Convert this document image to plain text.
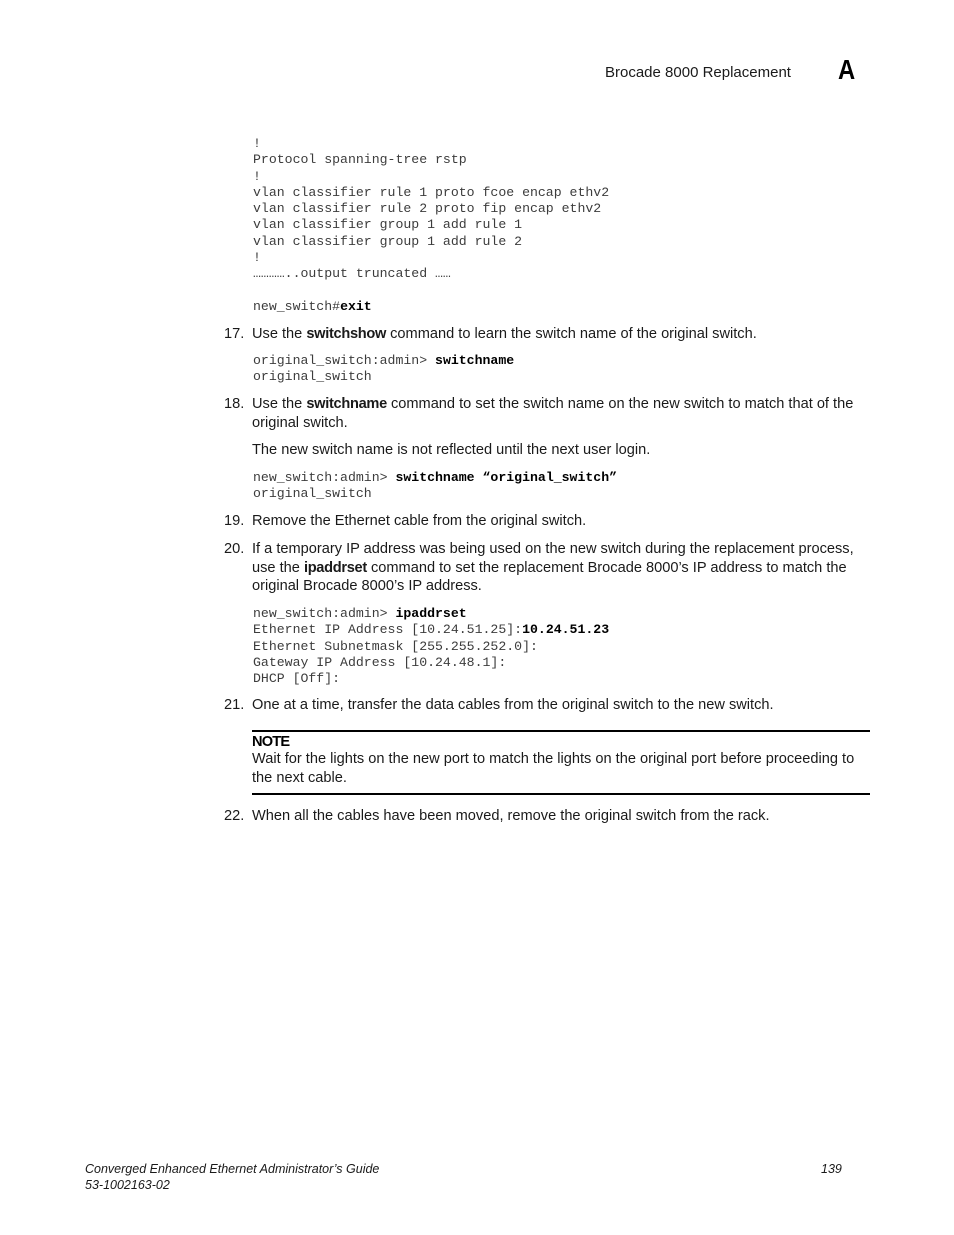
Brocade 8000 Replacement A
!
Protocol spanning-tree rstp
!
vlan classifier rule 1 proto fcoe encap ethv2
vlan classifier rule 2 proto fip encap ethv2
vlan classifier group 1 add rule 1
vlan classifier group 1 add rule 2
!
…………..output truncated ……
new_switch#exit
17. Use the switchshow command to learn the switch name of the original switch.
original_switch:admin> switchname
original_switch
18. Use the switchname command to set the switch name on the new switch to match that of the original switch.
The new switch name is not reflected until the next user login.
new_switch:admin> switchname “original_switch”
original_switch
19. Remove the Ethernet cable from the original switch.
20. If a temporary IP address was being used on the new switch during the replacement process, use the ipaddrset command to set the replacement Brocade 8000’s IP address to match the original Brocade 8000’s IP address.
new_switch:admin> ipaddrset
Ethernet IP Address [10.24.51.25]:10.24.51.23
Ethernet Subnetmask [255.255.252.0]:
Gateway IP Address [10.24.48.1]:
DHCP [Off]:
21. One at a time, transfer the data cables from the original switch to the new switch.
NOTE
Wait for the lights on the new port to match the lights on the original port before proceeding to the next cable.
22. When all the cables have been moved, remove the original switch from the rack.
Converged Enhanced Ethernet Administrator’s Guide
53-1002163-02
139
